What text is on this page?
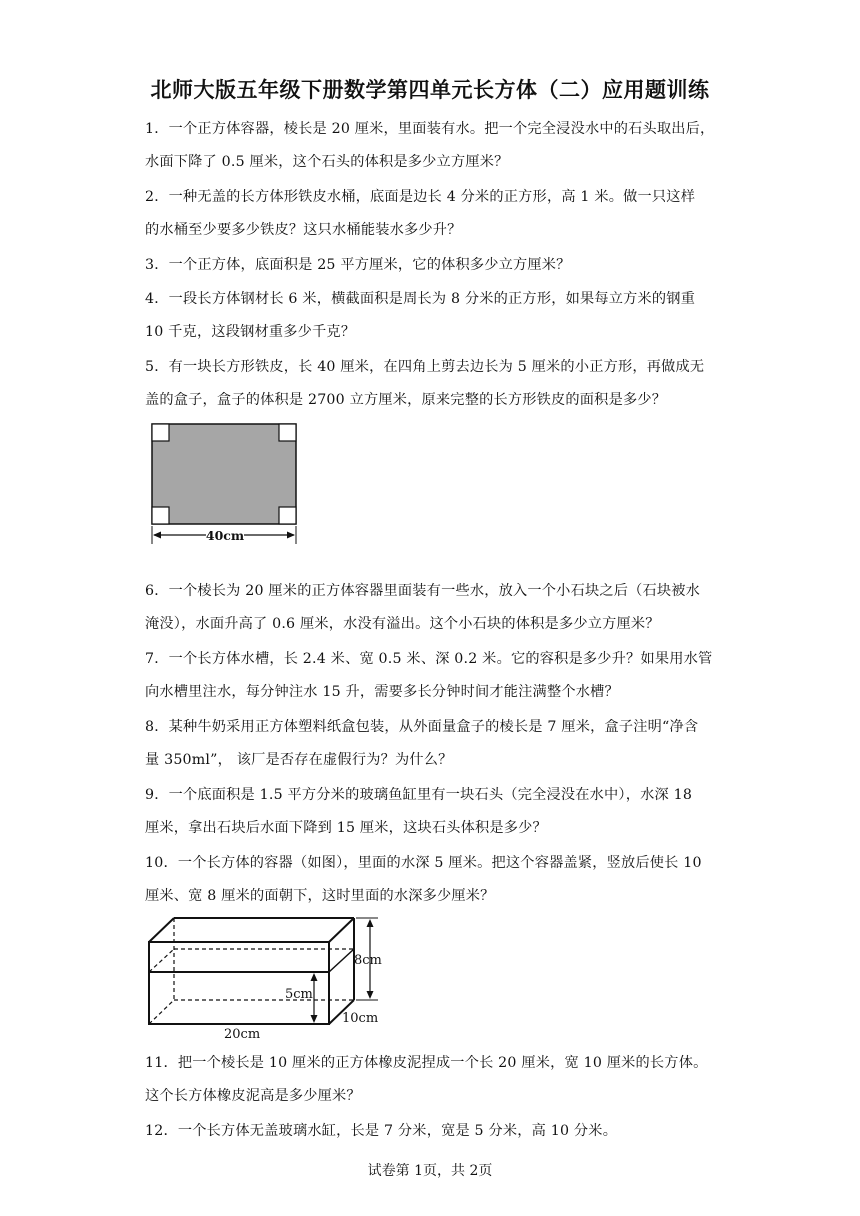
北师大版五年级下册数学第四单元长方体（二）应用题训练
1．一个正方体容器，棱长是 20 厘米，里面装有水。把一个完全浸没水中的石头取出后，
水面下降了 0.5 厘米，这个石头的体积是多少立方厘米？
2．一种无盖的长方体形铁皮水桶，底面是边长 4 分米的正方形，高 1 米。做一只这样
的水桶至少要多少铁皮？这只水桶能装水多少升？
3．一个正方体，底面积是 25 平方厘米，它的体积多少立方厘米？
4．一段长方体钢材长 6 米，横截面积是周长为 8 分米的正方形，如果每立方米的钢重
10 千克，这段钢材重多少千克？
5．有一块长方形铁皮，长 40 厘米，在四角上剪去边长为 5 厘米的小正方形，再做成无
盖的盒子，盒子的体积是 2700 立方厘米，原来完整的长方形铁皮的面积是多少？
40cm
6．一个棱长为 20 厘米的正方体容器里面装有一些水，放入一个小石块之后（石块被水
淹没），水面升高了 0.6 厘米，水没有溢出。这个小石块的体积是多少立方厘米？
7．一个长方体水槽，长 2.4 米、宽 0.5 米、深 0.2 米。它的容积是多少升？如果用水管
向水槽里注水，每分钟注水 15 升，需要多长分钟时间才能注满整个水槽？
8．某种牛奶采用正方体塑料纸盒包装，从外面量盒子的棱长是 7 厘米，盒子注明“净含
量 350ml”， 该厂是否存在虚假行为？为什么？
9．一个底面积是 1.5 平方分米的玻璃鱼缸里有一块石头（完全浸没在水中），水深 18
厘米，拿出石块后水面下降到 15 厘米，这块石头体积是多少？
10．一个长方体的容器（如图），里面的水深 5 厘米。把这个容器盖紧，竖放后使长 10
厘米、宽 8 厘米的面朝下，这时里面的水深多少厘米？
5cm
8cm
10cm
20cm
11．把一个棱长是 10 厘米的正方体橡皮泥捏成一个长 20 厘米，宽 10 厘米的长方体。
这个长方体橡皮泥高是多少厘米？
12．一个长方体无盖玻璃水缸，长是 7 分米，宽是 5 分米，高 10 分米。
试卷第 1页，共 2页
